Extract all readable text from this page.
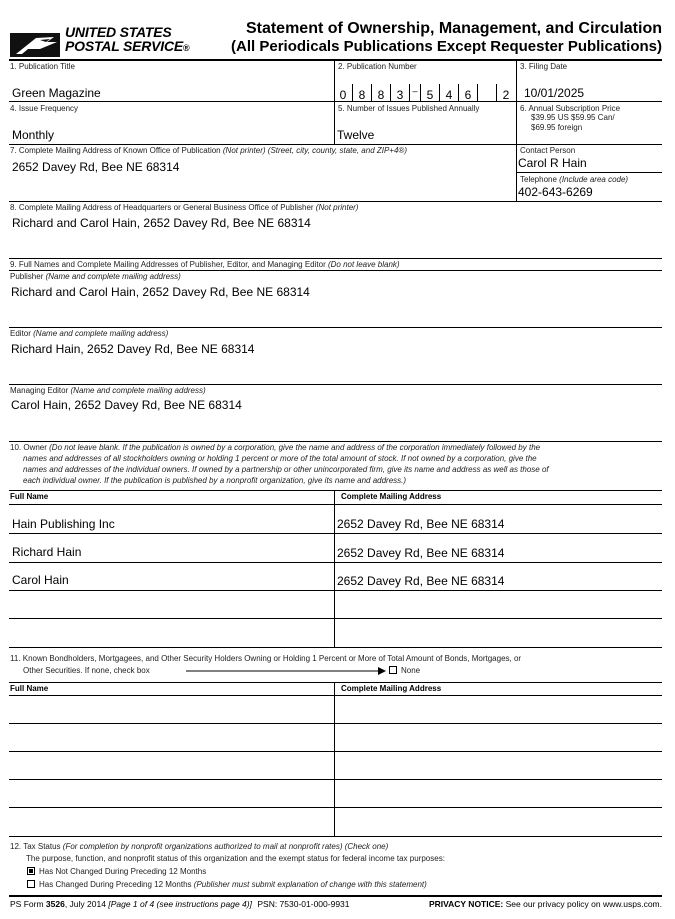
UNITED STATES
POSTAL SERVICE®
Statement of Ownership, Management, and Circulation
(All Periodicals Publications Except Requester Publications)
1. Publication Title
Green Magazine
2. Publication Number
0	8	8	3	– 5	4	6	2
3. Filing Date
10/01/2025
4. Issue Frequency
Monthly
5. Number of Issues Published Annually
Twelve
6. Annual Subscription Price
$39.95 US $59.95 Can/
$69.95 foreign
7. Complete Mailing Address of Known Office of Publication (Not printer) (Street, city, county, state, and ZIP+4®)
2652 Davey Rd, Bee NE 68314
Contact Person
Carol R Hain
Telephone (Include area code)
402-643-6269
8. Complete Mailing Address of Headquarters or General Business Office of Publisher (Not printer)
Richard and Carol Hain, 2652 Davey Rd, Bee NE 68314
9. Full Names and Complete Mailing Addresses of Publisher, Editor, and Managing Editor (Do not leave blank)
Publisher (Name and complete mailing address)
Richard and Carol Hain, 2652 Davey Rd, Bee NE 68314
Editor (Name and complete mailing address)
Richard Hain, 2652 Davey Rd, Bee NE 68314
Managing Editor (Name and complete mailing address)
Carol Hain, 2652 Davey Rd, Bee NE 68314
10. Owner (Do not leave blank. If the publication is owned by a corporation, give the name and address of the corporation immediately followed by the
names and addresses of all stockholders owning or holding 1 percent or more of the total amount of stock. If not owned by a corporation, give the
names and addresses of the individual owners. If owned by a partnership or other unincorporated firm, give its name and address as well as those of
each individual owner. If the publication is published by a nonprofit organization, give its name and address.)
Full Name	Complete Mailing Address
Hain Publishing Inc	2652 Davey Rd, Bee NE 68314
Richard Hain	2652 Davey Rd, Bee NE 68314
Carol Hain	2652 Davey Rd, Bee NE 68314
11. Known Bondholders, Mortgagees, and Other Security Holders Owning or Holding 1 Percent or More of Total Amount of Bonds, Mortgages, or
Other Securities. If none, check box	None
Full Name	Complete Mailing Address
12. Tax Status (For completion by nonprofit organizations authorized to mail at nonprofit rates) (Check one)
The purpose, function, and nonprofit status of this organization and the exempt status for federal income tax purposes:
Has Not Changed During Preceding 12 Months
Has Changed During Preceding 12 Months (Publisher must submit explanation of change with this statement)
PS Form 3526, July 2014 [Page 1 of 4 (see instructions page 4)] PSN: 7530-01-000-9931	PRIVACY NOTICE: See our privacy policy on www.usps.com.
